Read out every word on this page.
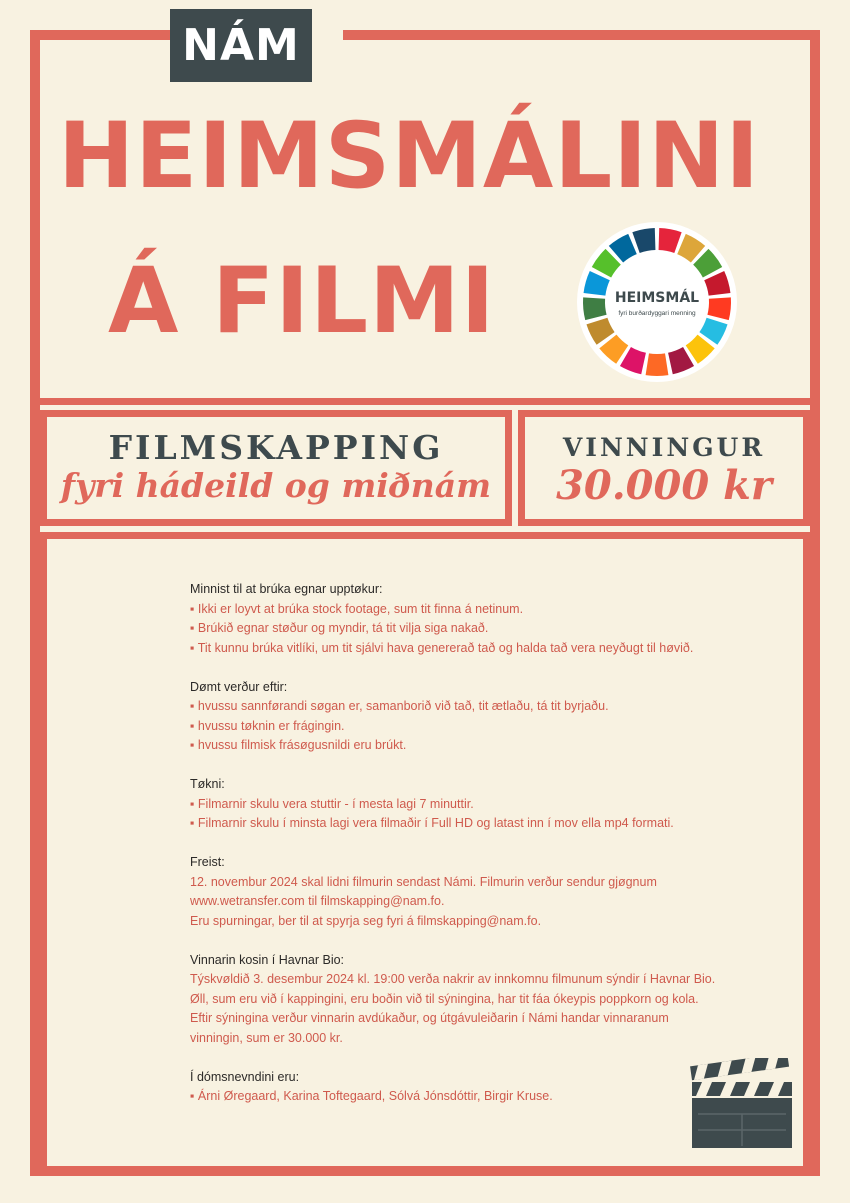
NÁM
HEIMSMÁLINI
Á FILMI	HEIMSMÁL
fyri burðardyggari menning
FILMSKAPPING
fyri hádeild og miðnám
VINNINGUR
30.000 kr
Minnist til at brúka egnar upptøkur:
▪ Ikki er loyvt at brúka stock footage, sum tit finna á netinum.
▪ Brúkið egnar støður og myndir, tá tit vilja siga nakað.
▪ Tit kunnu brúka vitlíki, um tit sjálvi hava genererað tað og halda tað vera neyðugt til høvið.
Dømt verður eftir:
▪ hvussu sannførandi søgan er, samanborið við tað, tit ætlaðu, tá tit byrjaðu.
▪ hvussu tøknin er frágingin.
▪ hvussu filmisk frásøgusnildi eru brúkt.
Tøkni:
▪ Filmarnir skulu vera stuttir - í mesta lagi 7 minuttir.
▪ Filmarnir skulu í minsta lagi vera filmaðir í Full HD og latast inn í mov ella mp4 formati.
Freist:
12. novembur 2024 skal lidni filmurin sendast Námi. Filmurin verður sendur gjøgnum
www.wetransfer.com til filmskapping@nam.fo.
Eru spurningar, ber til at spyrja seg fyri á filmskapping@nam.fo.
Vinnarin kosin í Havnar Bio:
Týskvøldið 3. desembur 2024 kl. 19:00 verða nakrir av innkomnu filmunum sýndir í Havnar Bio.
Øll, sum eru við í kappingini, eru boðin við til sýningina, har tit fáa ókeypis poppkorn og kola.
Eftir sýningina verður vinnarin avdúkaður, og útgávuleiðarin í Námi handar vinnaranum
vinningin, sum er 30.000 kr.
Í dómsnevndini eru:
▪ Árni Øregaard, Karina Toftegaard, Sólvá Jónsdóttir, Birgir Kruse.
